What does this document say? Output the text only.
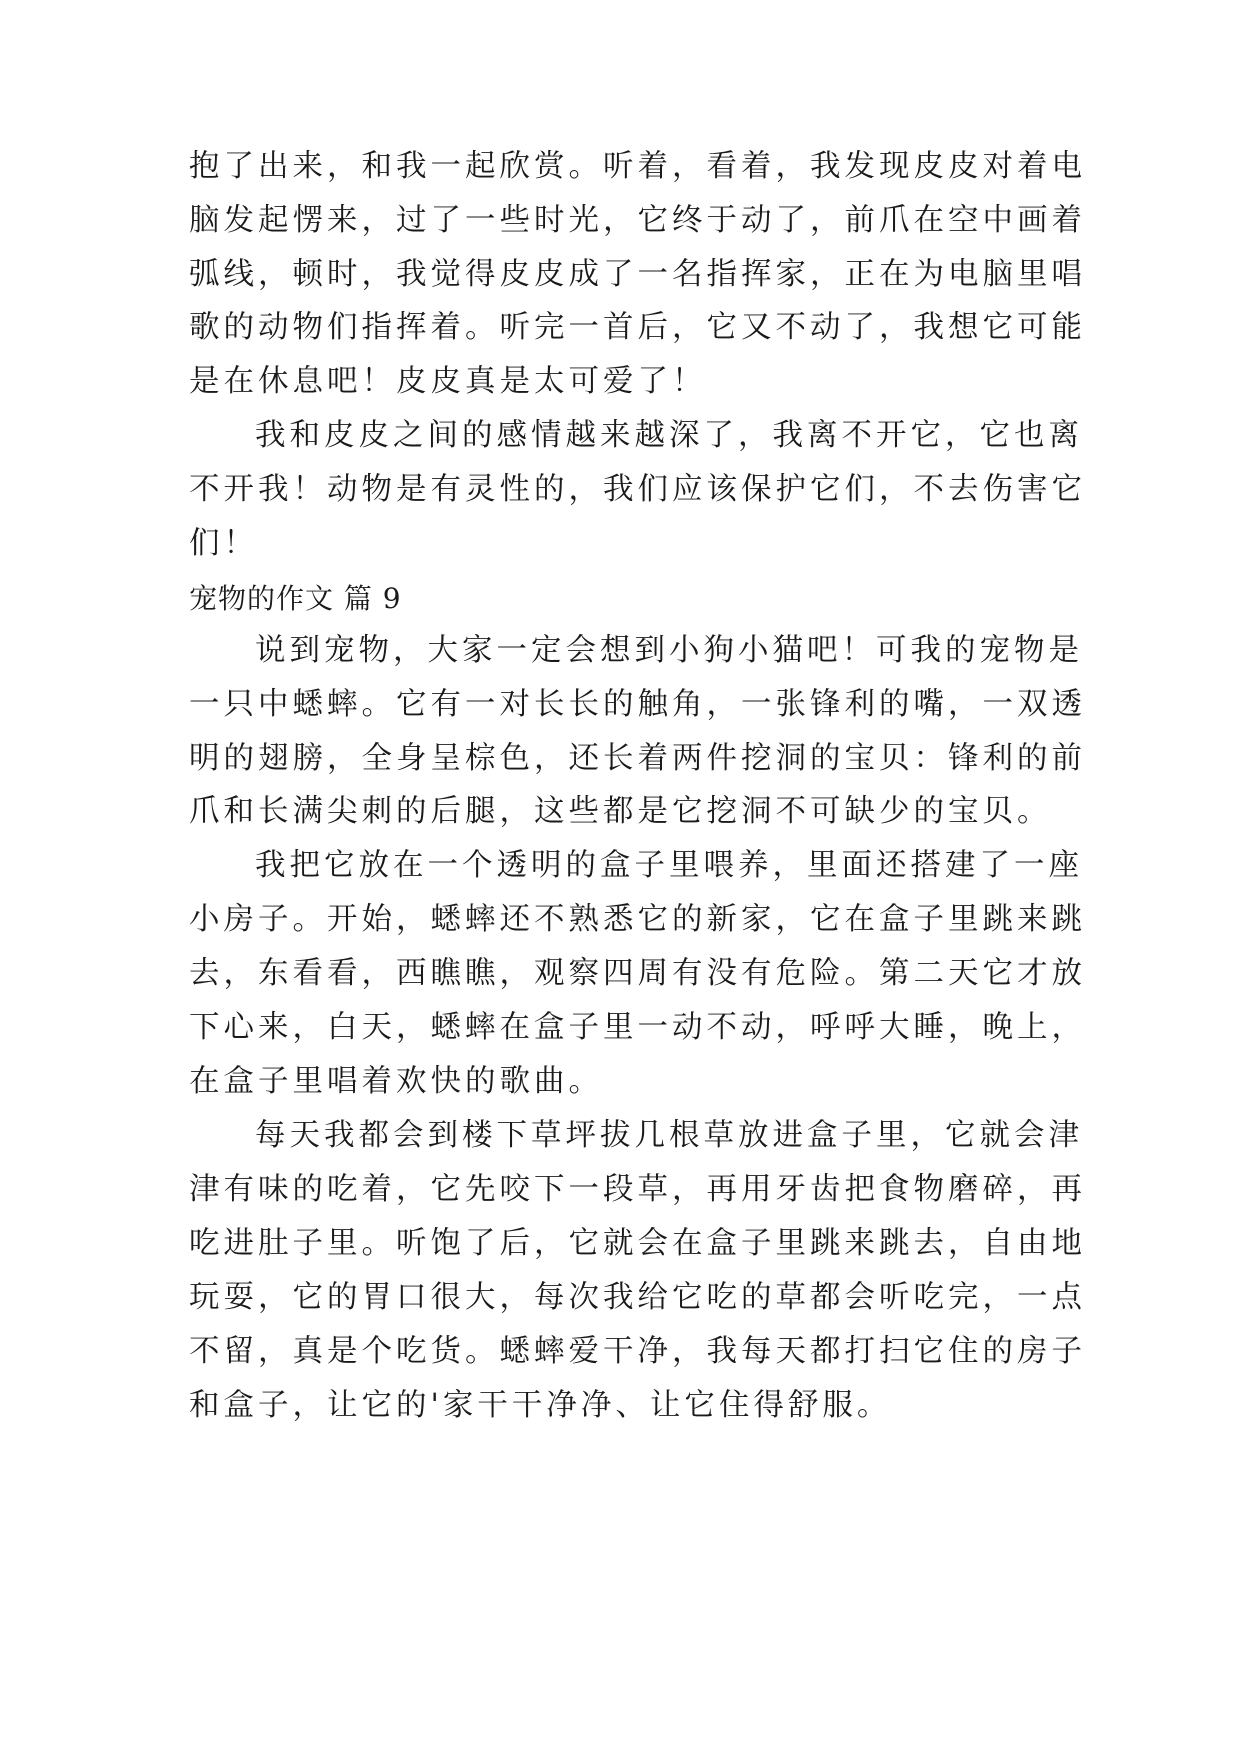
抱了出来，和我一起欣赏。听着，看着，我发现皮皮对着电
脑发起愣来，过了一些时光，它终于动了，前爪在空中画着
弧线，顿时，我觉得皮皮成了一名指挥家，正在为电脑里唱
歌的动物们指挥着。听完一首后，它又不动了，我想它可能
是在休息吧！皮皮真是太可爱了！
我和皮皮之间的感情越来越深了，我离不开它，它也离
不开我！动物是有灵性的，我们应该保护它们，不去伤害它
们！
宠物的作文 篇 9
说到宠物，大家一定会想到小狗小猫吧！可我的宠物是
一只中蟋蟀。它有一对长长的触角，一张锋利的嘴，一双透
明的翅膀，全身呈棕色，还长着两件挖洞的宝贝：锋利的前
爪和长满尖刺的后腿，这些都是它挖洞不可缺少的宝贝。
我把它放在一个透明的盒子里喂养，里面还搭建了一座
小房子。开始，蟋蟀还不熟悉它的新家，它在盒子里跳来跳
去，东看看，西瞧瞧，观察四周有没有危险。第二天它才放
下心来，白天，蟋蟀在盒子里一动不动，呼呼大睡，晚上，
在盒子里唱着欢快的歌曲。
每天我都会到楼下草坪拔几根草放进盒子里，它就会津
津有味的吃着，它先咬下一段草，再用牙齿把食物磨碎，再
吃进肚子里。听饱了后，它就会在盒子里跳来跳去，自由地
玩耍，它的胃口很大，每次我给它吃的草都会听吃完，一点
不留，真是个吃货。蟋蟀爱干净，我每天都打扫它住的房子
和盒子，让它的'家干干净净、让它住得舒服。
